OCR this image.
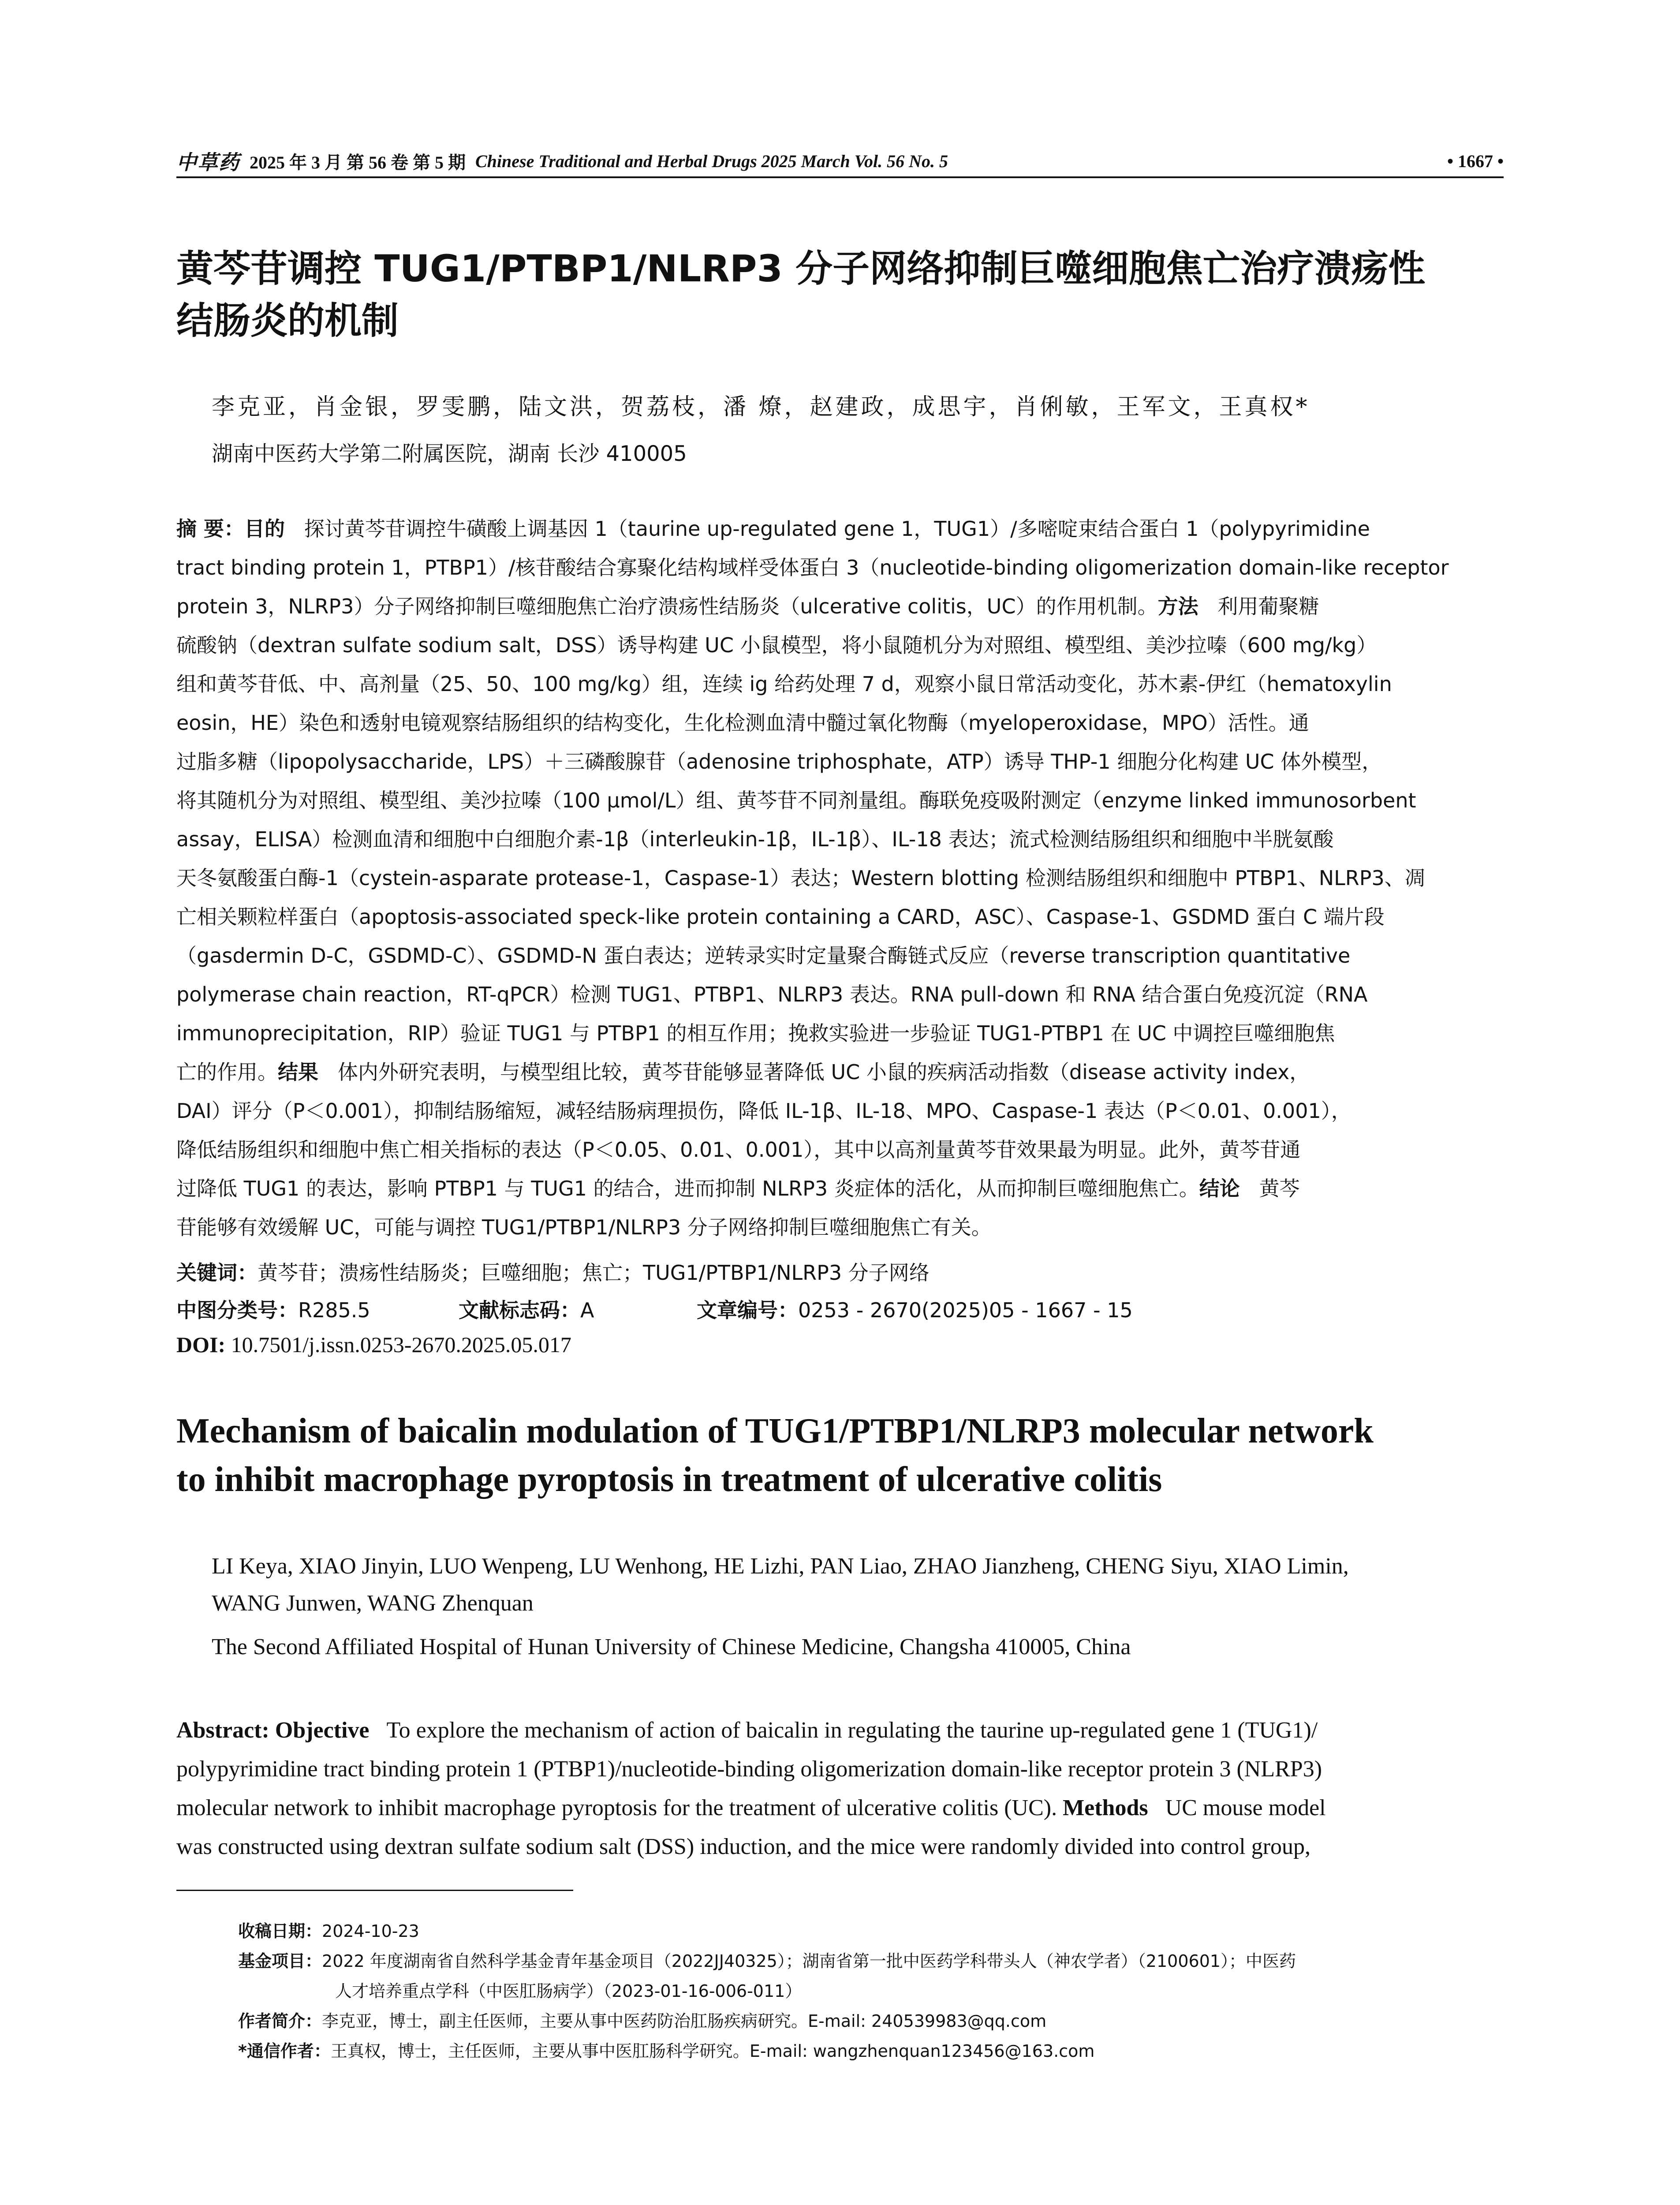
中草药 2025 年 3 月 第 56 卷 第 5 期 Chinese Traditional and Herbal Drugs 2025 March Vol. 56 No. 5	• 1667 •
黄芩苷调控 TUG1/PTBP1/NLRP3 分子网络抑制巨噬细胞焦亡治疗溃疡性
结肠炎的机制
李克亚，肖金银，罗雯鹏，陆文洪，贺荔枝，潘 燎，赵建政，成思宇，肖俐敏，王军文，王真权*
湖南中医药大学第二附属医院，湖南 长沙 410005
摘 要：目的 探讨黄芩苷调控牛磺酸上调基因 1（taurine up-regulated gene 1，TUG1）/多嘧啶束结合蛋白 1（polypyrimidine
tract binding protein 1，PTBP1）/核苷酸结合寡聚化结构域样受体蛋白 3（nucleotide-binding oligomerization domain-like receptor
protein 3，NLRP3）分子网络抑制巨噬细胞焦亡治疗溃疡性结肠炎（ulcerative colitis，UC）的作用机制。方法 利用葡聚糖
硫酸钠（dextran sulfate sodium salt，DSS）诱导构建 UC 小鼠模型，将小鼠随机分为对照组、模型组、美沙拉嗪（600 mg/kg）
组和黄芩苷低、中、高剂量（25、50、100 mg/kg）组，连续 ig 给药处理 7 d，观察小鼠日常活动变化，苏木素-伊红（hematoxylin
eosin，HE）染色和透射电镜观察结肠组织的结构变化，生化检测血清中髓过氧化物酶（myeloperoxidase，MPO）活性。通
过脂多糖（lipopolysaccharide，LPS）＋三磷酸腺苷（adenosine triphosphate，ATP）诱导 THP-1 细胞分化构建 UC 体外模型，
将其随机分为对照组、模型组、美沙拉嗪（100 μmol/L）组、黄芩苷不同剂量组。酶联免疫吸附测定（enzyme linked immunosorbent
assay，ELISA）检测血清和细胞中白细胞介素-1β（interleukin-1β，IL-1β）、IL-18 表达；流式检测结肠组织和细胞中半胱氨酸
天冬氨酸蛋白酶-1（cystein-asparate protease-1，Caspase-1）表达；Western blotting 检测结肠组织和细胞中 PTBP1、NLRP3、凋
亡相关颗粒样蛋白（apoptosis-associated speck-like protein containing a CARD，ASC）、Caspase-1、GSDMD 蛋白 C 端片段
（gasdermin D-C，GSDMD-C）、GSDMD-N 蛋白表达；逆转录实时定量聚合酶链式反应（reverse transcription quantitative
polymerase chain reaction，RT-qPCR）检测 TUG1、PTBP1、NLRP3 表达。RNA pull-down 和 RNA 结合蛋白免疫沉淀（RNA
immunoprecipitation，RIP）验证 TUG1 与 PTBP1 的相互作用；挽救实验进一步验证 TUG1-PTBP1 在 UC 中调控巨噬细胞焦
亡的作用。结果 体内外研究表明，与模型组比较，黄芩苷能够显著降低 UC 小鼠的疾病活动指数（disease activity index，
DAI）评分（P＜0.001），抑制结肠缩短，减轻结肠病理损伤，降低 IL-1β、IL-18、MPO、Caspase-1 表达（P＜0.01、0.001），
降低结肠组织和细胞中焦亡相关指标的表达（P＜0.05、0.01、0.001），其中以高剂量黄芩苷效果最为明显。此外，黄芩苷通
过降低 TUG1 的表达，影响 PTBP1 与 TUG1 的结合，进而抑制 NLRP3 炎症体的活化，从而抑制巨噬细胞焦亡。结论 黄芩
苷能够有效缓解 UC，可能与调控 TUG1/PTBP1/NLRP3 分子网络抑制巨噬细胞焦亡有关。
关键词：黄芩苷；溃疡性结肠炎；巨噬细胞；焦亡；TUG1/PTBP1/NLRP3 分子网络
中图分类号：R285.5	文献标志码：A	文章编号：0253 - 2670(2025)05 - 1667 - 15
DOI: 10.7501/j.issn.0253-2670.2025.05.017
Mechanism of baicalin modulation of TUG1/PTBP1/NLRP3 molecular network
to inhibit macrophage pyroptosis in treatment of ulcerative colitis
LI Keya, XIAO Jinyin, LUO Wenpeng, LU Wenhong, HE Lizhi, PAN Liao, ZHAO Jianzheng, CHENG Siyu, XIAO Limin,
WANG Junwen, WANG Zhenquan
The Second Affiliated Hospital of Hunan University of Chinese Medicine, Changsha 410005, China
Abstract: Objective To explore the mechanism of action of baicalin in regulating the taurine up-regulated gene 1 (TUG1)/
polypyrimidine tract binding protein 1 (PTBP1)/nucleotide-binding oligomerization domain-like receptor protein 3 (NLRP3)
molecular network to inhibit macrophage pyroptosis for the treatment of ulcerative colitis (UC). Methods UC mouse model
was constructed using dextran sulfate sodium salt (DSS) induction, and the mice were randomly divided into control group,
收稿日期： 2024-10-23
基金项目： 2022 年度湖南省自然科学基金青年基金项目（2022JJ40325）；湖南省第一批中医药学科带头人（神农学者）（2100601）；中医药
人才培养重点学科（中医肛肠病学）（2023-01-16-006-011）
作者简介： 李克亚，博士，副主任医师，主要从事中医药防治肛肠疾病研究。E-mail: 240539983@qq.com
*通信作者： 王真权，博士，主任医师，主要从事中医肛肠科学研究。E-mail: wangzhenquan123456@163.com
